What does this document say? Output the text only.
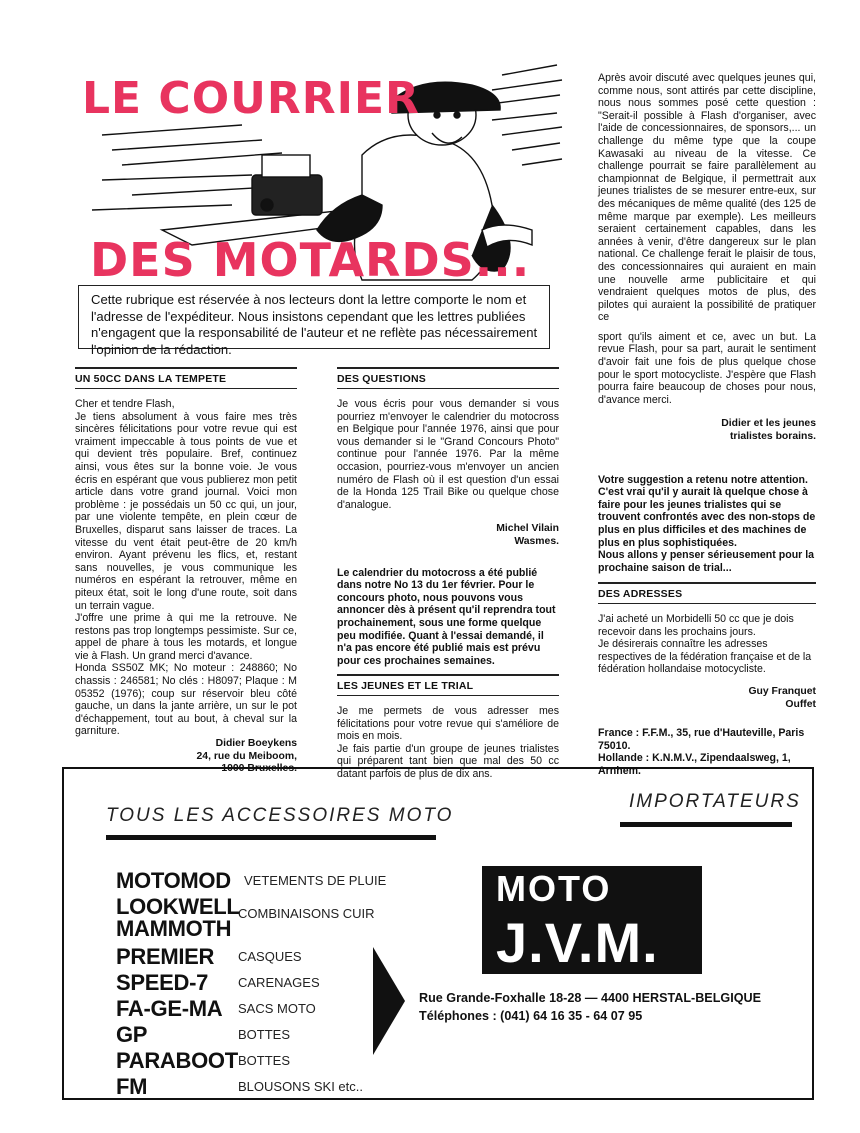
LE COURRIER
DES MOTARDS...
Cette rubrique est réservée à nos lecteurs dont la lettre comporte le nom et l'adresse de l'expéditeur. Nous insistons cependant que les lettres publiées n'engagent que la responsabilité de l'auteur et ne reflète pas nécessairement l'opinion de la rédaction.
UN 50CC DANS LA TEMPETE

Cher et tendre Flash,

Je tiens absolument à vous faire mes très sincères félicitations pour votre revue qui est vraiment impeccable à tous points de vue et qui devient très populaire. Bref, continuez ainsi, vous êtes sur la bonne voie. Je vous écris en espérant que vous publierez mon petit article dans votre grand journal. Voici mon problème : je possédais un 50 cc qui, un jour, par une violente tempête, en plein cœur de Bruxelles, disparut sans laisser de traces. La vitesse du vent était peut-être de 20 km/h environ. Ayant prévenu les flics, et, restant sans nouvelles, je vous communique les numéros en espérant la retrouver, même en piteux état, soit le long d'une route, soit dans un terrain vague.

J'offre une prime à qui me la retrouve. Ne restons pas trop longtemps pessimiste. Sur ce, appel de phare à tous les motards, et longue vie à Flash. Un grand merci d'avance.

Honda SS50Z MK; No moteur : 248860; No chassis : 246581; No clés : H8097; Plaque : M 05352 (1976); coup sur réservoir bleu côté gauche, un dans la jante arrière, un sur le pot d'échappement, tout au bout, à cheval sur la garniture.

Didier Boeykens
24, rue du Meiboom,
1000 Bruxelles.
DES QUESTIONS
Je vous écris pour vous demander si vous pourriez m'envoyer le calendrier du motocross en Belgique pour l'année 1976, ainsi que pour vous demander si le "Grand Concours Photo" continue pour l'année 1976. Par la même occasion, pourriez-vous m'envoyer un ancien numéro de Flash où il est question d'un essai de la Honda 125 Trail Bike ou quelque chose d'analogue.
Michel Vilain
Wasmes.
Le calendrier du motocross a été publié dans notre No 13 du 1er février. Pour le concours photo, nous pouvons vous annoncer dès à présent qu'il reprendra tout prochainement, sous une forme quelque peu modifiée. Quant à l'essai demandé, il n'a pas encore été publié mais est prévu pour ces prochaines semaines.
LES JEUNES ET LE TRIAL

Je me permets de vous adresser mes félicitations pour votre revue qui s'améliore de mois en mois.

Je fais partie d'un groupe de jeunes trialistes qui préparent tant bien que mal des 50 cc datant parfois de plus de dix ans.

Après avoir discuté avec quelques jeunes qui, comme nous, sont attirés par cette discipline, nous nous sommes posé cette question : "Serait-il possible à Flash d'organiser, avec l'aide de concessionnaires, de sponsors,... un challenge du même type que la coupe Kawasaki au niveau de la vitesse. Ce challenge pourrait se faire parallèlement au championnat de Belgique, il permettrait aux jeunes trialistes de se mesurer entre-eux, sur des mécaniques de même qualité (des 125 de même marque par exemple). Les meilleurs seraient certainement capables, dans les années à venir, d'être dangereux sur le plan national. Ce challenge ferait le plaisir de tous, des concessionnaires qui auraient en main une nouvelle arme publicitaire et qui vendraient quelques motos de plus, des pilotes qui auraient la possibilité de pratiquer ce
sport qu'ils aiment et ce, avec un but. La revue Flash, pour sa part, aurait le sentiment d'avoir fait une fois de plus quelque chose pour le sport motocycliste. J'espère que Flash pourra faire beaucoup de choses pour nous, d'avance merci.
Didier et les jeunes
trialistes borains.
Votre suggestion a retenu notre attention. C'est vrai qu'il y aurait là quelque chose à faire pour les jeunes trialistes qui se trouvent confrontés avec des non-stops de plus en plus difficiles et des machines de plus en plus sophistiquées.
Nous allons y penser sérieusement pour la prochaine saison de trial...
DES ADRESSES

J'ai acheté un Morbidelli 50 cc que je dois recevoir dans les prochains jours.

Je désirerais connaître les adresses respectives de la fédération française et de la fédération hollandaise motocycliste.

Guy Franquet
Ouffet
France : F.F.M., 35, rue d'Hauteville, Paris 75010.
Hollande : K.N.M.V., Zipendaalsweg, 1, Arnhem.
TOUS LES ACCESSOIRES MOTO
IMPORTATEURS
MOTOMOD VETEMENTS DE PLUIE
LOOKWELL
MAMMOTH
COMBINAISONS CUIR
PREMIER CASQUES
SPEED-7 CARENAGES
FA-GE-MA SACS MOTO
GP	BOTTES
PARABOOT BOTTES
FM	BLOUSONS SKI etc..
MOTO
J.V.M.
Rue Grande-Foxhalle 18-28 — 4400 HERSTAL-BELGIQUE
Téléphones : (041) 64 16 35 - 64 07 95
